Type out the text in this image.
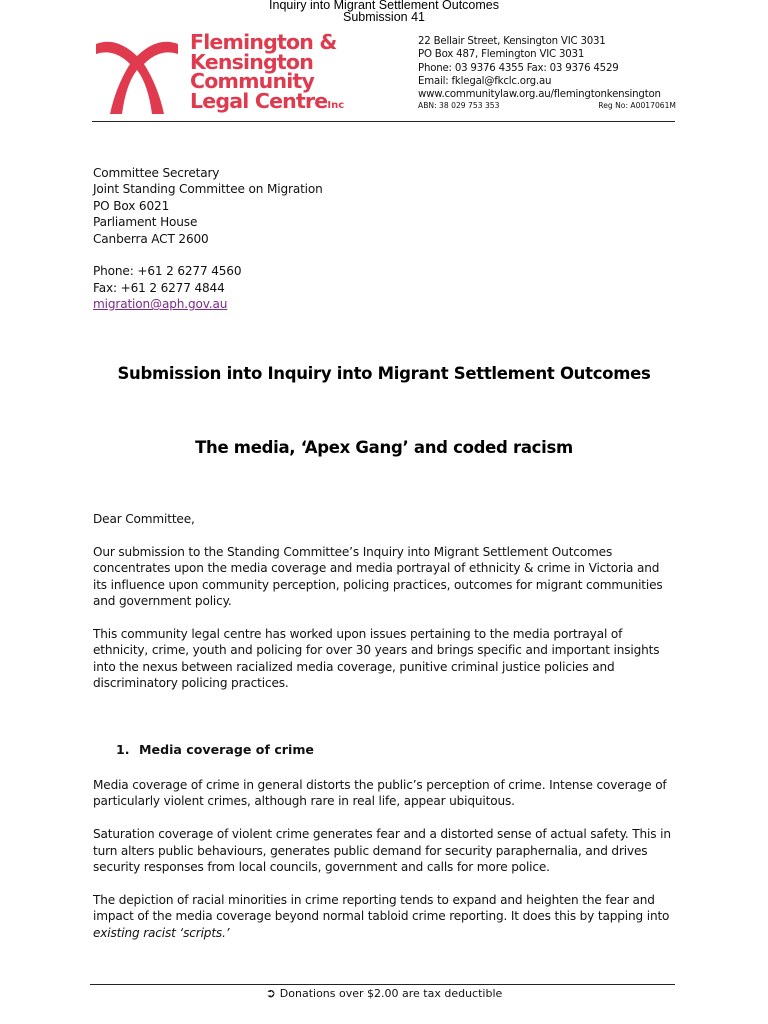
Inquiry into Migrant Settlement Outcomes
Submission 41
Flemington &
Kensington
Community
Legal CentreInc
22 Bellair Street, Kensington VIC 3031
PO Box 487, Flemington VIC 3031
Phone: 03 9376 4355 Fax: 03 9376 4529
Email: fklegal@fkclc.org.au
www.communitylaw.org.au/flemingtonkensington
ABN: 38 029 753 353	Reg No: A0017061M
Committee Secretary
Joint Standing Committee on Migration
PO Box 6021
Parliament House
Canberra ACT 2600
Phone: +61 2 6277 4560
Fax: +61 2 6277 4844
migration@aph.gov.au
Submission into Inquiry into Migrant Settlement Outcomes
The media, ‘Apex Gang’ and coded racism

Dear Committee,

Our submission to the Standing Committee’s Inquiry into Migrant Settlement Outcomes concentrates upon the media coverage and media portrayal of ethnicity & crime in Victoria and its influence upon community perception, policing practices, outcomes for migrant communities and government policy.

This community legal centre has worked upon issues pertaining to the media portrayal of ethnicity, crime, youth and policing for over 30 years and brings specific and important insights into the nexus between racialized media coverage, punitive criminal justice policies and discriminatory policing practices.

1. Media coverage of crime

Media coverage of crime in general distorts the public’s perception of crime. Intense coverage of particularly violent crimes, although rare in real life, appear ubiquitous.

Saturation coverage of violent crime generates fear and a distorted sense of actual safety. This in turn alters public behaviours, generates public demand for security paraphernalia, and drives security responses from local councils, government and calls for more police.

The depiction of racial minorities in crime reporting tends to expand and heighten the fear and impact of the media coverage beyond normal tabloid crime reporting. It does this by tapping into
existing racist ‘scripts.’

➲ Donations over $2.00 are tax deductible
